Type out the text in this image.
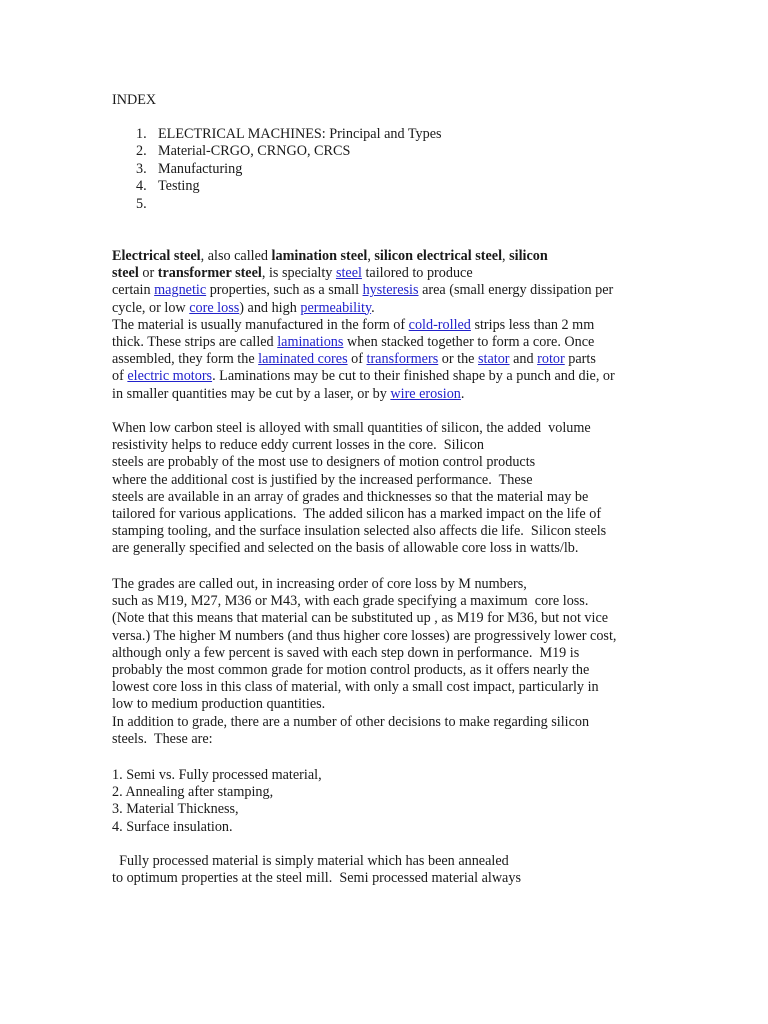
INDEX
1. ELECTRICAL MACHINES: Principal and Types
2. Material-CRGO, CRNGO, CRCS
3. Manufacturing
4. Testing
5.
Electrical steel, also called lamination steel, silicon electrical steel, silicon
steel or transformer steel, is specialty steel tailored to produce
certain magnetic properties, such as a small hysteresis area (small energy dissipation per
cycle, or low core loss) and high permeability.
The material is usually manufactured in the form of cold-rolled strips less than 2 mm
thick. These strips are called laminations when stacked together to form a core. Once
assembled, they form the laminated cores of transformers or the stator and rotor parts
of electric motors. Laminations may be cut to their finished shape by a punch and die, or
in smaller quantities may be cut by a laser, or by wire erosion.
When low carbon steel is alloyed with small quantities of silicon, the added  volume
resistivity helps to reduce eddy current losses in the core.  Silicon
steels are probably of the most use to designers of motion control products
where the additional cost is justified by the increased performance.  These
steels are available in an array of grades and thicknesses so that the material may be
tailored for various applications.  The added silicon has a marked impact on the life of
stamping tooling, and the surface insulation selected also affects die life.  Silicon steels
are generally specified and selected on the basis of allowable core loss in watts/lb.
The grades are called out, in increasing order of core loss by M numbers,
such as M19, M27, M36 or M43, with each grade specifying a maximum  core loss.
(Note that this means that material can be substituted up , as M19 for M36, but not vice
versa.) The higher M numbers (and thus higher core losses) are progressively lower cost,
although only a few percent is saved with each step down in performance.  M19 is
probably the most common grade for motion control products, as it offers nearly the
lowest core loss in this class of material, with only a small cost impact, particularly in
low to medium production quantities.
In addition to grade, there are a number of other decisions to make regarding silicon
steels.  These are:
1. Semi vs. Fully processed material,
2. Annealing after stamping,
3. Material Thickness,
4. Surface insulation.
Fully processed material is simply material which has been annealed
to optimum properties at the steel mill.  Semi processed material always
